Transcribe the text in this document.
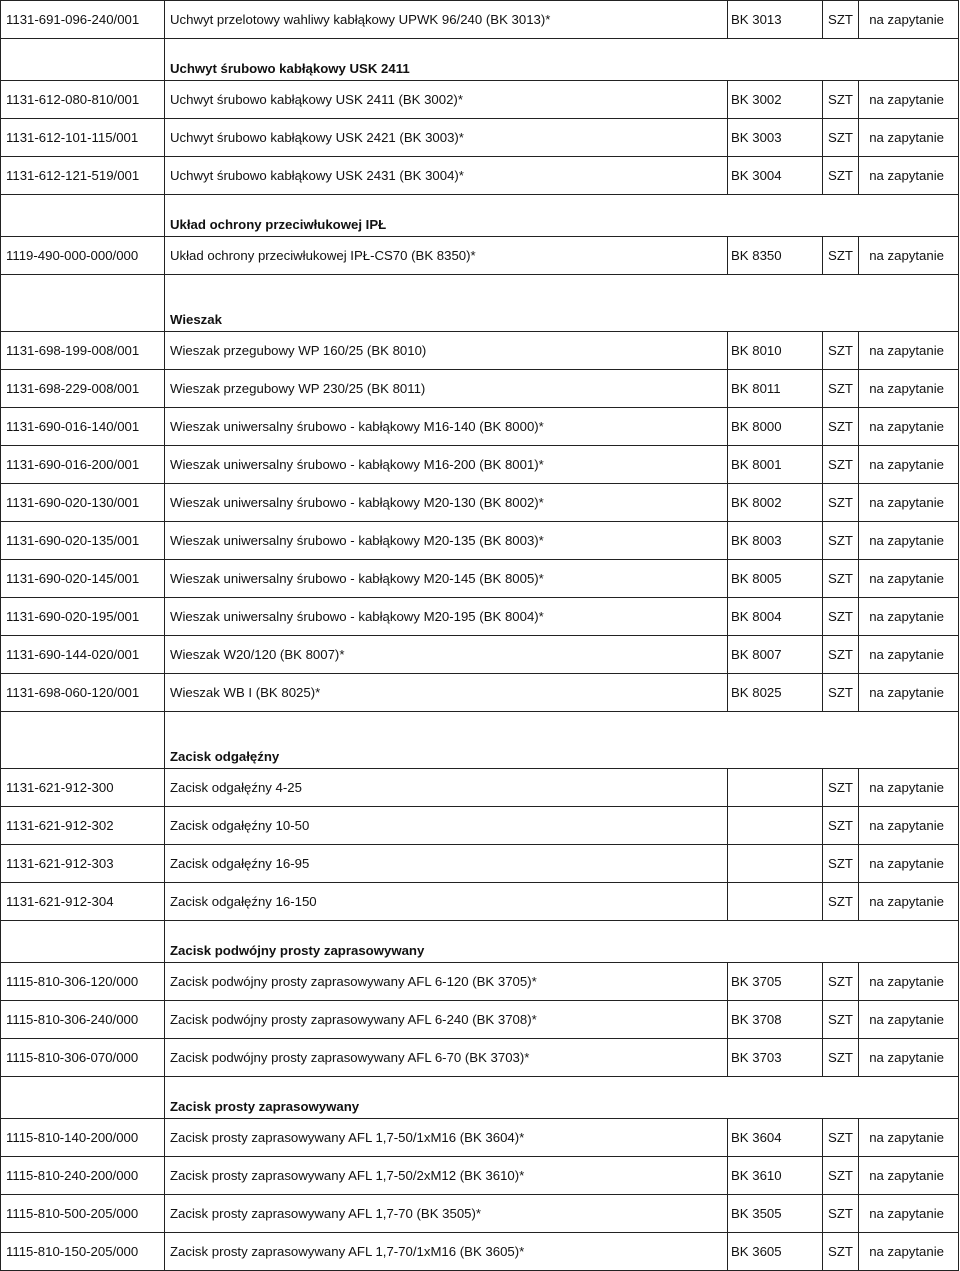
1131-691-096-240/001	Uchwyt przelotowy wahliwy kabłąkowy UPWK 96/240 (BK 3013)*	BK 3013	SZT	na zapytanie
	Uchwyt śrubowo kabłąkowy USK 2411			
1131-612-080-810/001	Uchwyt śrubowo kabłąkowy USK 2411 (BK 3002)*	BK 3002	SZT	na zapytanie
1131-612-101-115/001	Uchwyt śrubowo kabłąkowy USK 2421 (BK 3003)*	BK 3003	SZT	na zapytanie
1131-612-121-519/001	Uchwyt śrubowo kabłąkowy USK 2431 (BK 3004)*	BK 3004	SZT	na zapytanie
	Układ ochrony przeciwłukowej IPŁ			
1119-490-000-000/000	Układ ochrony przeciwłukowej IPŁ-CS70 (BK 8350)*	BK 8350	SZT	na zapytanie
	Wieszak			
1131-698-199-008/001	Wieszak przegubowy WP 160/25 (BK 8010)	BK 8010	SZT	na zapytanie
1131-698-229-008/001	Wieszak przegubowy WP 230/25 (BK 8011)	BK 8011	SZT	na zapytanie
1131-690-016-140/001	Wieszak uniwersalny śrubowo - kabłąkowy M16-140 (BK 8000)*	BK 8000	SZT	na zapytanie
1131-690-016-200/001	Wieszak uniwersalny śrubowo - kabłąkowy M16-200 (BK 8001)*	BK 8001	SZT	na zapytanie
1131-690-020-130/001	Wieszak uniwersalny śrubowo - kabłąkowy M20-130 (BK 8002)*	BK 8002	SZT	na zapytanie
1131-690-020-135/001	Wieszak uniwersalny śrubowo - kabłąkowy M20-135 (BK 8003)*	BK 8003	SZT	na zapytanie
1131-690-020-145/001	Wieszak uniwersalny śrubowo - kabłąkowy M20-145 (BK 8005)*	BK 8005	SZT	na zapytanie
1131-690-020-195/001	Wieszak uniwersalny śrubowo - kabłąkowy M20-195 (BK 8004)*	BK 8004	SZT	na zapytanie
1131-690-144-020/001	Wieszak W20/120 (BK 8007)*	BK 8007	SZT	na zapytanie
1131-698-060-120/001	Wieszak WB I (BK 8025)*	BK 8025	SZT	na zapytanie
	Zacisk odgałęźny			
1131-621-912-300	Zacisk odgałęźny 4-25		SZT	na zapytanie
1131-621-912-302	Zacisk odgałęźny 10-50		SZT	na zapytanie
1131-621-912-303	Zacisk odgałęźny 16-95		SZT	na zapytanie
1131-621-912-304	Zacisk odgałęźny 16-150		SZT	na zapytanie
	Zacisk podwójny prosty zaprasowywany			
1115-810-306-120/000	Zacisk podwójny prosty zaprasowywany AFL 6-120 (BK 3705)*	BK 3705	SZT	na zapytanie
1115-810-306-240/000	Zacisk podwójny prosty zaprasowywany AFL 6-240 (BK 3708)*	BK 3708	SZT	na zapytanie
1115-810-306-070/000	Zacisk podwójny prosty zaprasowywany AFL 6-70 (BK 3703)*	BK 3703	SZT	na zapytanie
	Zacisk prosty zaprasowywany			
1115-810-140-200/000	Zacisk prosty zaprasowywany AFL 1,7-50/1xM16 (BK 3604)*	BK 3604	SZT	na zapytanie
1115-810-240-200/000	Zacisk prosty zaprasowywany AFL 1,7-50/2xM12 (BK 3610)*	BK 3610	SZT	na zapytanie
1115-810-500-205/000	Zacisk prosty zaprasowywany AFL 1,7-70 (BK 3505)*	BK 3505	SZT	na zapytanie
1115-810-150-205/000	Zacisk prosty zaprasowywany AFL 1,7-70/1xM16 (BK 3605)*	BK 3605	SZT	na zapytanie
